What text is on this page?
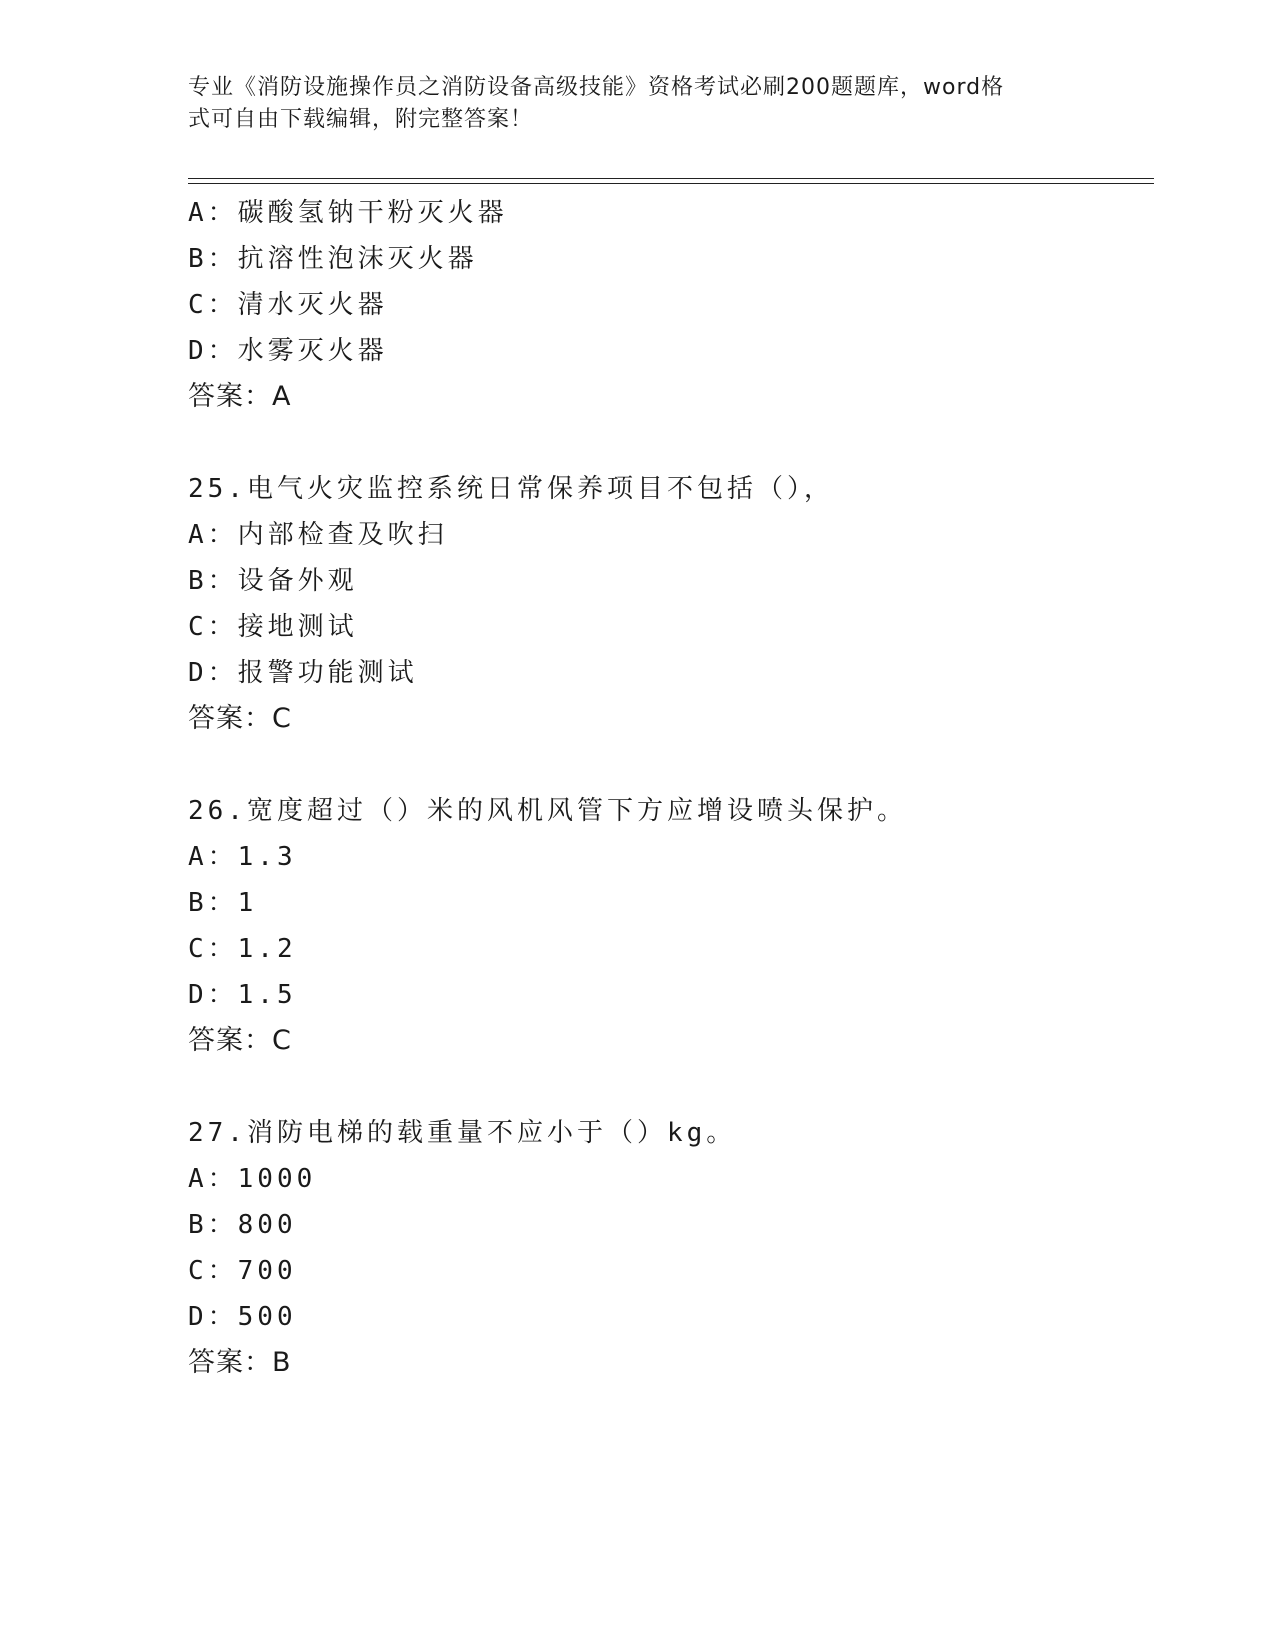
专业《消防设施操作员之消防设备高级技能》资格考试必刷200题题库，word格
式可自由下载编辑，附完整答案！
A：碳酸氢钠干粉灭火器
B：抗溶性泡沫灭火器
C：清水灭火器
D：水雾灭火器
答案：A
25.电气火灾监控系统日常保养项目不包括（），
A：内部检查及吹扫
B：设备外观
C：接地测试
D：报警功能测试
答案：C
26.宽度超过（）米的风机风管下方应增设喷头保护。
A：1.3
B：1
C：1.2
D：1.5
答案：C
27.消防电梯的载重量不应小于（）kg。
A：1000
B：800
C：700
D：500
答案：B
